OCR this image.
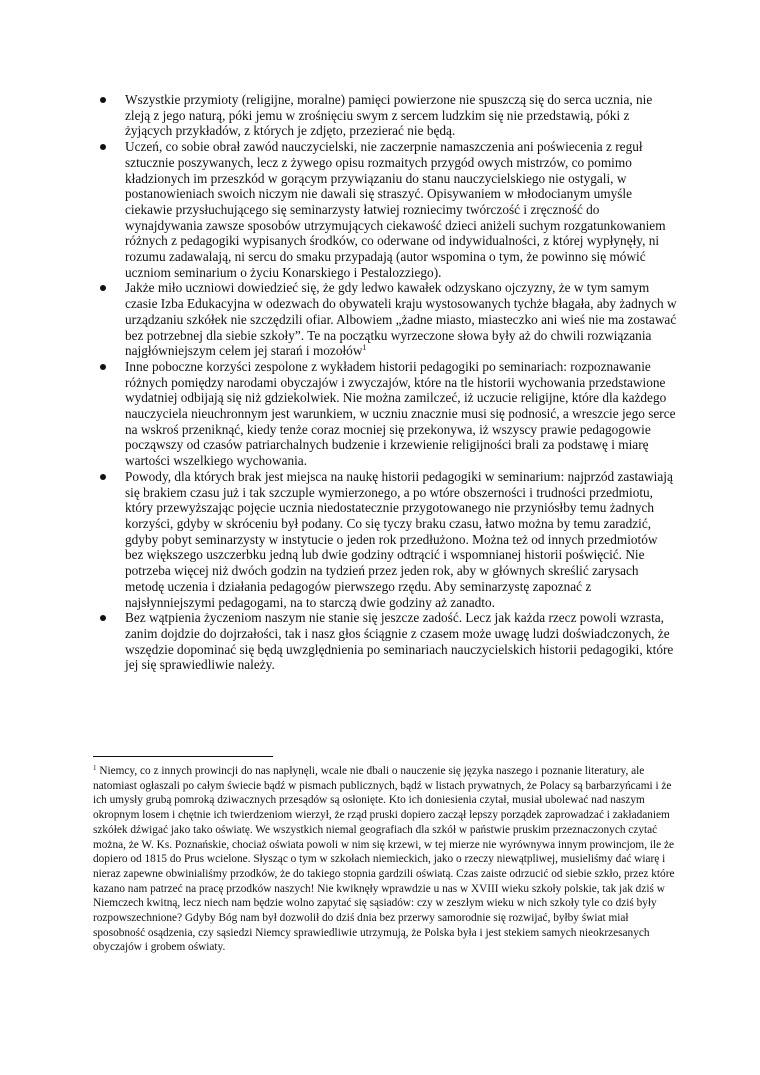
Wszystkie przymioty (religijne, moralne) pamięci powierzone nie spuszczą się do serca ucznia, nie zleją z jego naturą, póki jemu w zrośnięciu swym z sercem ludzkim się nie przedstawią, póki z żyjących przykładów, z których je zdjęto, przezierać nie będą.
Uczeń, co sobie obrał zawód nauczycielski, nie zaczerpnie namaszczenia ani poświecenia z reguł sztucznie poszywanych, lecz z żywego opisu rozmaitych przygód owych mistrzów, co pomimo kładzionych im przeszkód w gorącym przywiązaniu do stanu nauczycielskiego nie ostygali, w postanowieniach swoich niczym nie dawali się straszyć. Opisywaniem w młodocianym umyśle ciekawie przysłuchującego się seminarzysty łatwiej rozniecimy twórczość i zręczność do wynajdywania zawsze sposobów utrzymujących ciekawość dzieci aniżeli suchym rozgatunkowaniem różnych z pedagogiki wypisanych środków, co oderwane od indywidualności, z której wypłynęły, ni rozumu zadawalają, ni sercu do smaku przypadają (autor wspomina o tym, że powinno się mówić uczniom seminarium o życiu Konarskiego i Pestalozziego).
Jakże miło uczniowi dowiedzieć się, że gdy ledwo kawałek odzyskano ojczyzny, że w tym samym czasie Izba Edukacyjna w odezwach do obywateli kraju wystosowanych tychże błagała, aby żadnych w urządzaniu szkółek nie szczędzili ofiar. Albowiem „żadne miasto, miasteczko ani wieś nie ma zostawać bez potrzebnej dla siebie szkoły”. Te na początku wyrzeczone słowa były aż do chwili rozwiązania najgłówniejszym celem jej starań i mozołów$^1$
Inne poboczne korzyści zespolone z wykładem historii pedagogiki po seminariach: rozpoznawanie różnych pomiędzy narodami obyczajów i zwyczajów, które na tle historii wychowania przedstawione wydatniej odbijają się niż gdziekolwiek. Nie można zamilczeć, iż uczucie religijne, które dla każdego nauczyciela nieuchronnym jest warunkiem, w uczniu znacznie musi się podnosić, a wreszcie jego serce na wskroś przeniknąć, kiedy tenże coraz mocniej się przekonywa, iż wszyscy prawie pedagogowie począwszy od czasów patriarchalnych budzenie i krzewienie religijności brali za podstawę i miarę wartości wszelkiego wychowania.
Powody, dla których brak jest miejsca na naukę historii pedagogiki w seminarium: najprzód zastawiają się brakiem czasu już i tak szczuple wymierzonego, a po wtóre obszerności i trudności przedmiotu, który przewyższając pojęcie ucznia niedostatecznie przygotowanego nie przyniósłby temu żadnych korzyści, gdyby w skróceniu był podany. Co się tyczy braku czasu, łatwo można by temu zaradzić, gdyby pobyt seminarzysty w instytucie o jeden rok przedłużono. Można też od innych przedmiotów bez większego uszczerbku jedną lub dwie godziny odtrącić i wspomnianej historii poświęcić. Nie potrzeba więcej niż dwóch godzin na tydzień przez jeden rok, aby w głównych skreślić zarysach metodę uczenia i działania pedagogów pierwszego rzędu. Aby seminarzystę zapoznać z najsłynniejszymi pedagogami, na to starczą dwie godziny aż zanadto.
Bez wątpienia życzeniom naszym nie stanie się jeszcze zadość. Lecz jak każda rzecz powoli wzrasta, zanim dojdzie do dojrzałości, tak i nasz głos ściągnie z czasem może uwagę ludzi doświadczonych, że wszędzie dopominać się będą uwzględnienia po seminariach nauczycielskich historii pedagogiki, które jej się sprawiedliwie należy.

$^1$ Niemcy, co z innych prowincji do nas napłynęli, wcale nie dbali o nauczenie się języka naszego i poznanie literatury, ale natomiast ogłaszali po całym świecie bądź w pismach publicznych, bądź w listach prywatnych, że Polacy są barbarzyńcami i że ich umysły grubą pomroką dziwacznych przesądów są osłonięte. Kto ich doniesienia czytał, musiał ubolewać nad naszym okropnym losem i chętnie ich twierdzeniom wierzył, że rząd pruski dopiero zaczął lepszy porządek zaprowadzać i zakładaniem szkółek dźwigać jako tako oświatę. We wszystkich niemal geografiach dla szkół w państwie pruskim przeznaczonych czytać można, że W. Ks. Poznańskie, chociaż oświata powoli w nim się krzewi, w tej mierze nie wyrównywa innym prowincjom, ile że dopiero od 1815 do Prus wcielone. Słysząc o tym w szkołach niemieckich, jako o rzeczy niewątpliwej, musieliśmy dać wiarę i nieraz zapewne obwinialiśmy przodków, że do takiego stopnia gardzili oświatą. Czas zaiste odrzucić od siebie szkło, przez które kazano nam patrzeć na pracę przodków naszych! Nie kwiknęły wprawdzie u nas w XVIII wieku szkoły polskie, tak jak dziś w Niemczech kwitną, lecz niech nam będzie wolno zapytać się sąsiadów: czy w zeszłym wieku w nich szkoły tyle co dziś były rozpowszechnione? Gdyby Bóg nam był dozwolił do dziś dnia bez przerwy samorodnie się rozwijać, byłby świat miał sposobność osądzenia, czy sąsiedzi Niemcy sprawiedliwie utrzymują, że Polska była i jest stekiem samych nieokrzesanych obyczajów i grobem oświaty.
